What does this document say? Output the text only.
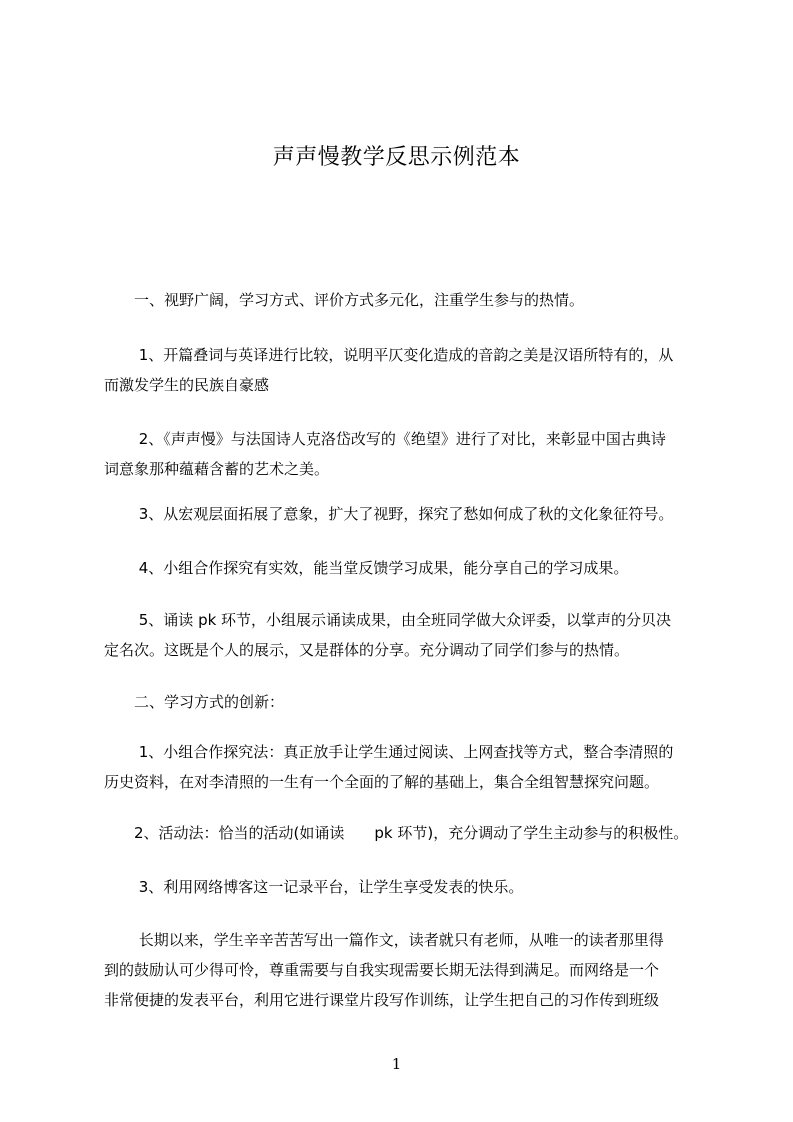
声声慢教学反思示例范本

　　一、视野广阔，学习方式、评价方式多元化，注重学生参与的热情。

　　 1、开篇叠词与英译进行比较，说明平仄变化造成的音韵之美是汉语所特有的，从
而激发学生的民族自豪感

　　 2、《声声慢》与法国诗人克洛岱改写的《绝望》进行了对比，来彰显中国古典诗
词意象那种蕴藉含蓄的艺术之美。

　　 3、从宏观层面拓展了意象，扩大了视野，探究了愁如何成了秋的文化象征符号。

　　 4、小组合作探究有实效，能当堂反馈学习成果，能分享自己的学习成果。

　　 5、诵读 pk 环节，小组展示诵读成果，由全班同学做大众评委，以掌声的分贝决
定名次。这既是个人的展示，又是群体的分享。充分调动了同学们参与的热情。

　　二、学习方式的创新：

　　 1、小组合作探究法：真正放手让学生通过阅读、上网查找等方式，整合李清照的
历史资料，在对李清照的一生有一个全面的了解的基础上，集合全组智慧探究问题。

　　2、活动法：恰当的活动(如诵读　　pk 环节)，充分调动了学生主动参与的积极性。

　　 3、利用网络博客这一记录平台，让学生享受发表的快乐。

　　 长期以来，学生辛辛苦苦写出一篇作文，读者就只有老师，从唯一的读者那里得
到的鼓励认可少得可怜，尊重需要与自我实现需要长期无法得到满足。而网络是一个
非常便捷的发表平台，利用它进行课堂片段写作训练，让学生把自己的习作传到班级

1
